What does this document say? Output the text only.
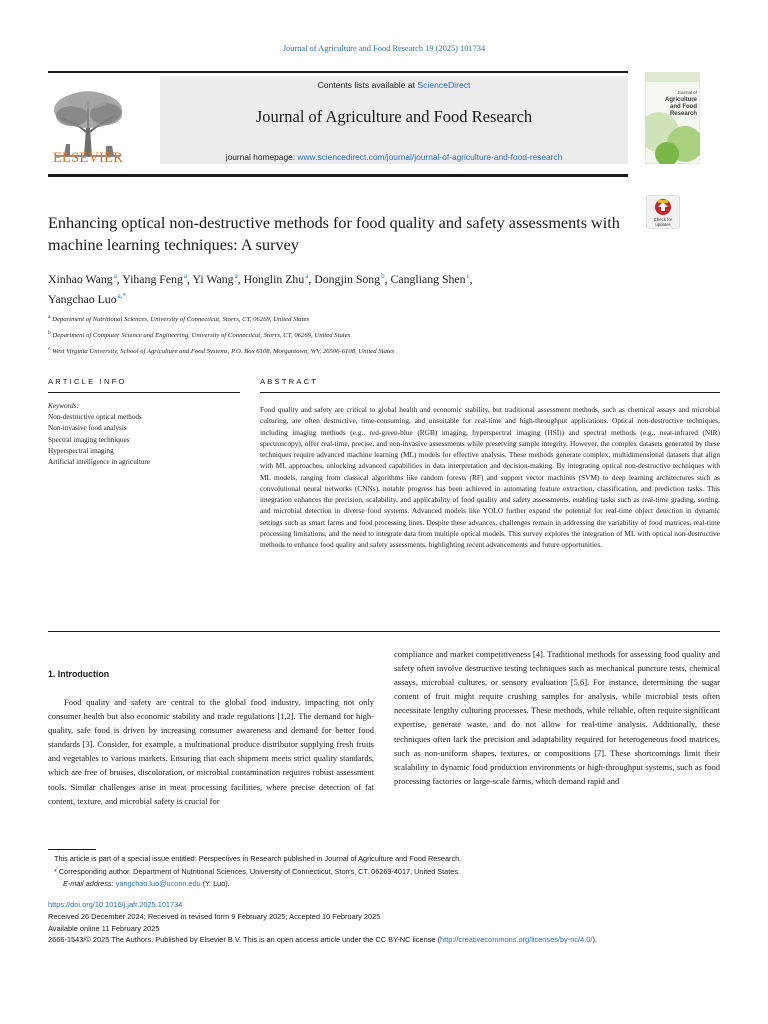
Journal of Agriculture and Food Research 19 (2025) 101734
ELSEVIER
Contents lists available at ScienceDirect
Journal of Agriculture and Food Research
journal homepage: www.sciencedirect.com/journal/journal-of-agriculture-and-food-research
Journal of
Agriculture
and Food
Research
Check for
updates
Enhancing optical non-destructive methods for food quality and safety assessments with machine learning techniques: A survey
Xinhao Wang $^a$, Yihang Feng $^a$, Yi Wang $^a$, Honglin Zhu $^a$, Dongjin Song $^b$, Cangliang Shen $^c$,
Yangchao Luo $^{a,*}$
$^a$ Department of Nutritional Sciences, University of Connecticut, Storrs, CT, 06269, United States
$^b$ Department of Computer Science and Engineering, University of Connecticut, Storrs, CT, 06269, United States
$^c$ West Virginia University, School of Agriculture and Food Systems, P.O. Box 6108, Morgantown, WV, 26506-6108, United States
ARTICLE INFO	ABSTRACT
Keywords:
Non-destructive optical methods
Non-invasive food analysis
Spectral imaging techniques
Hyperspectral imaging
Artificial intelligence in agriculture
Food quality and safety are critical to global health and economic stability, but traditional assessment methods, such as chemical assays and microbial culturing, are often destructive, time-consuming, and unsuitable for real-time and high-throughput applications. Optical non-destructive techniques, including imaging methods (e.g., red-green-blue (RGB) imaging, hyperspectral imaging (HSI)) and spectral methods (e.g., near-infrared (NIR) spectroscopy), offer real-time, precise, and non-invasive assessments while preserving sample integrity. However, the complex datasets generated by these techniques require advanced machine learning (ML) models for effective analysis. These methods generate complex, multidimensional datasets that align with ML approaches, unlocking advanced capabilities in data interpretation and decision-making. By integrating optical non-destructive techniques with ML models, ranging from classical algorithms like random forests (RF) and support vector machines (SVM) to deep learning architectures such as convolutional neural networks (CNNs), notable progress has been achieved in automating feature extraction, classification, and prediction tasks. This integration enhances the precision, scalability, and applicability of food quality and safety assessments, enabling tasks such as real-time grading, sorting, and microbial detection in diverse food systems. Advanced models like YOLO further expand the potential for real-time object detection in dynamic settings such as smart farms and food processing lines. Despite these advances, challenges remain in addressing the variability of food matrices, real-time processing limitations, and the need to integrate data from multiple optical models. This survey explores the integration of ML with optical non-destructive methods to enhance food quality and safety assessments, highlighting recent advancements and future opportunities.
1. Introduction

Food quality and safety are central to the global food industry, impacting not only consumer health but also economic stability and trade regulations [1,2]. The demand for high-quality, safe food is driven by increasing consumer awareness and demand for better food standards [3]. Consider, for example, a multinational produce distributor supplying fresh fruits and vegetables to various markets. Ensuring that each shipment meets strict quality standards, which are free of bruises, discoloration, or microbial contamination requires robust assessment tools. Similar challenges arise in meat processing facilities, where precise detection of fat content, texture, and microbial safety is crucial for

compliance and market competitiveness [4]. Traditional methods for assessing food quality and safety often involve destructive testing techniques such as mechanical puncture tests, chemical assays, microbial cultures, or sensory evaluation [5,6]. For instance, determining the sugar content of fruit might require crushing samples for analysis, while microbial tests often necessitate lengthy culturing processes. These methods, while reliable, often require significant expertise, generate waste, and do not allow for real-time analysis. Additionally, these techniques often lack the precision and adaptability required for heterogeneous food matrices, such as non-uniform shapes, textures, or compositions [7]. These shortcomings limit their scalability in dynamic food production environments or high-throughput systems, such as food processing factories or large-scale farms, which demand rapid and

This article is part of a special issue entitled: Perspectives in Research published in Journal of Agriculture and Food Research.
* Corresponding author. Department of Nutritional Sciences, University of Connecticut, Storrs, CT, 06269-4017, United States.
E-mail address: yangchao.luo@uconn.edu (Y. Luo).
https://doi.org/10.1016/j.jafr.2025.101734
Received 26 December 2024; Received in revised form 9 February 2025; Accepted 10 February 2025
Available online 11 February 2025
2666-1543/© 2025 The Authors. Published by Elsevier B.V. This is an open access article under the CC BY-NC license (http://creativecommons.org/licenses/by-nc/4.0/).
